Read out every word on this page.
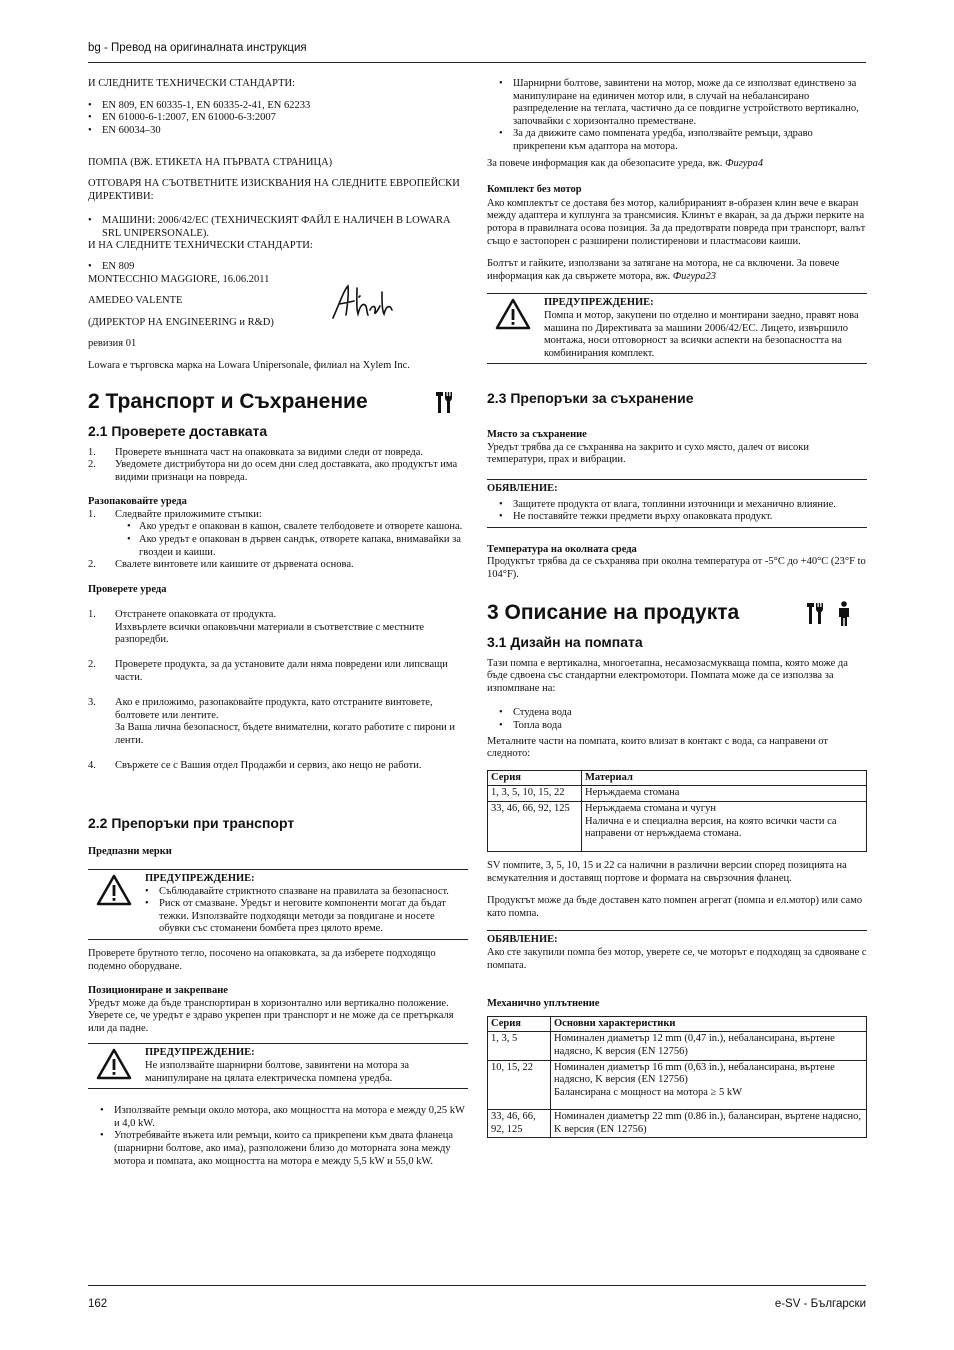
bg - Превод на оригиналната инструкция

И СЛЕДНИТЕ ТЕХНИЧЕСКИ СТАНДАРТИ:

• EN 809, EN 60335-1, EN 60335-2-41, EN 62233
• EN 61000-6-1:2007, EN 61000-6-3:2007
• EN 60034–30

ПОМПА (ВЖ. ЕТИКЕТА НА ПЪРВАТА СТРАНИЦА)

ОТГОВАРЯ НА СЪОТВЕТНИТЕ ИЗИСКВАНИЯ НА СЛЕДНИТЕ ЕВРОПЕЙСКИ ДИРЕКТИВИ:

• МАШИНИ: 2006/42/EC (ТЕХНИЧЕСКИЯТ ФАЙЛ Е НАЛИЧЕН В LOWARA SRL UNIPERSONALE).

И НА СЛЕДНИТЕ ТЕХНИЧЕСКИ СТАНДАРТИ:

• EN 809

MONTECCHIO MAGGIORE, 16.06.2011

AMEDEO VALENTE

(ДИРЕКТОР НА ENGINEERING и R&D)

ревизия 01

Lowara е търговска марка на Lowara Unipersonale, филиал на Xylem Inc.

2 Транспорт и Съхранение
2.1 Проверете доставката
1. Проверете външната част на опаковката за видими следи от повреда.
2. Уведомете дистрибутора ни до осем дни след доставката, ако продуктът има видими признаци на повреда.
Разопаковайте уреда
1. Следвайте приложимите стъпки:
• Ако уредът е опакован в кашон, свалете телбодовете и отворете кашона.
• Ако уредът е опакован в дървен сандък, отворете капака, внимавайки за гвоздеи и каиши.
2. Свалете винтовете или каишите от дървената основа.
Проверете уреда

1. Отстранете опаковката от продукта.
Изхвърлете всички опаковъчни материали в съответствие с местните разпоредби.

2. Проверете продукта, за да установите дали няма повредени или липсващи части.

3. Ако е приложимо, разопаковайте продукта, като отстраните винтовете, болтовете или лентите.
За Ваша лична безопасност, бъдете внимателни, когато работите с пирони и ленти.

4. Свържете се с Вашия отдел Продажби и сервиз, ако нещо не работи.

2.2 Препоръки при транспорт
Предпазни мерки
ПРЕДУПРЕЖДЕНИЕ:
• Съблюдавайте стриктното спазване на правилата за безопасност.
• Риск от смазване. Уредът и неговите компоненти могат да бъдат тежки. Използвайте подходящи методи за повдигане и носете обувки със стоманени бомбета през цялото време.

Проверете брутното тегло, посочено на опаковката, за да изберете подходящо подемно оборудване.

Позициониране и закрепване

Уредът може да бъде транспортиран в хоризонтално или вертикално положение. Уверете се, че уредът е здраво укрепен при транспорт и не може да се претъркаля или да падне.

ПРЕДУПРЕЖДЕНИЕ:

Не използвайте шарнирни болтове, завинтени на мотора за манипулиране на цялата електрическа помпена уредба.

• Използвайте ремъци около мотора, ако мощността на мотора е между 0,25 kW и 4,0 kW.
• Употребявайте въжета или ремъци, които са прикрепени към двата фланеца (шарнирни болтове, ако има), разположени близо до моторната зона между мотора и помпата, ако мощността на мотора е между 5,5 kW и 55,0 kW.
• Шарнирни болтове, завинтени на мотор, може да се използват единствено за манипулиране на единичен мотор или, в случай на небалансирано разпределение на теглата, частично да се повдигне устройството вертикално, започвайки с хоризонтално преместване.
• За да движите само помпената уредба, използвайте ремъци, здраво прикрепени към адаптора на мотора.

За повече информация как да обезопасите уреда, вж. Фигура4

Комплект без мотор

Ако комплектът се доставя без мотор, калибрираният в-образен клин вече е вкаран между адаптера и куплунга за трансмисия. Клинът е вкаран, за да държи перките на ротора в правилната осова позиция. За да предотврати повреда при транспорт, валът също е застопорен с разширени полистиренови и пластмасови каиши.

Болтът и гайките, използвани за затягане на мотора, не са включени. За повече информация как да свържете мотора, вж. Фигура23

ПРЕДУПРЕЖДЕНИЕ:

Помпа и мотор, закупени по отделно и монтирани заедно, правят нова машина по Директивата за машини 2006/42/EC. Лицето, извършило монтажа, носи отговорност за всички аспекти на безопасността на комбинирания комплект.

2.3 Препоръки за съхранение
Място за съхранение

Уредът трябва да се съхранява на закрито и сухо място, далеч от високи температури, прах и вибрации.

ОБЯВЛЕНИЕ:
• Защитете продукта от влага, топлинни източници и механично влияние.
• Не поставяйте тежки предмети върху опаковката продукт.
Температура на околната среда

Продуктът трябва да се съхранява при околна температура от -5°C до +40°C (23°F to 104°F).

3 Описание на продукта
3.1 Дизайн на помпата

Тази помпа е вертикална, многоетапна, несамозасмукваща помпа, която може да бъде сдвоена със стандартни електромотори. Помпата може да се използва за изпомпване на:

• Студена вода
• Топла вода

Металните части на помпата, които влизат в контакт с вода, са направени от следното:

Серия	Материал
1, 3, 5, 10, 15, 22	Неръждаема стомана
33, 46, 66, 92, 125	Неръждаема стомана и чугун
Налична е и специална версия, на която всички части са направени от неръждаема стомана.

SV помпите, 3, 5, 10, 15 и 22 са налични в различни версии според позицията на всмукателния и доставящ портове и формата на свързочния фланец.

Продуктът може да бъде доставен като помпен агрегат (помпа и ел.мотор) или само като помпа.

ОБЯВЛЕНИЕ:

Ако сте закупили помпа без мотор, уверете се, че моторът е подходящ за сдвояване с помпата.

Механично уплътнение
Серия	Основни характеристики
1, 3, 5	Номинален диаметър 12 mm (0,47 in.), небалансирана, въртене надясно, K версия (EN 12756)
10, 15, 22	Номинален диаметър 16 mm (0,63 in.), небалансирана, въртене надясно, K версия (EN 12756)
Балансирана с мощност на мотора ≥ 5 kW
33, 46, 66, 92, 125	Номинален диаметър 22 mm (0.86 in.), балансиран, въртене надясно, K версия (EN 12756)
162	e-SV - Български
